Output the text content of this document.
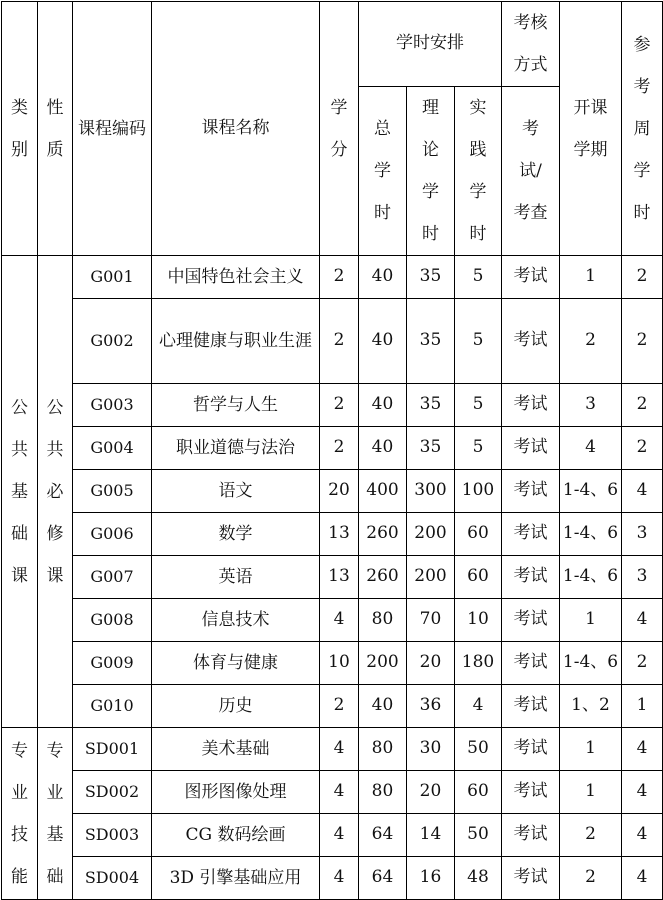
类别	性质	课程编码	课程名称	学分	学时安排			考核方式	开课学期	参考周学时
					总学时	理论学时	实践学时	考试/考查		
公共基础课	公共必修课	G001	中国特色社会主义	2	40	35	5	考试	1	2
		G002	心理健康与职业生涯	2	40	35	5	考试	2	2
		G003	哲学与人生	2	40	35	5	考试	3	2
		G004	职业道德与法治	2	40	35	5	考试	4	2
		G005	语文	20	400	300	100	考试	1-4、6	4
		G006	数学	13	260	200	60	考试	1-4、6	3
		G007	英语	13	260	200	60	考试	1-4、6	3
		G008	信息技术	4	80	70	10	考试	1	4
		G009	体育与健康	10	200	20	180	考试	1-4、6	2
		G010	历史	2	40	36	4	考试	1、2	1
专业技能	专业基础	SD001	美术基础	4	80	30	50	考试	1	4
		SD002	图形图像处理	4	80	20	60	考试	1	4
		SD003	CG 数码绘画	4	64	14	50	考试	2	4
		SD004	3D 引擎基础应用	4	64	16	48	考试	2	4
